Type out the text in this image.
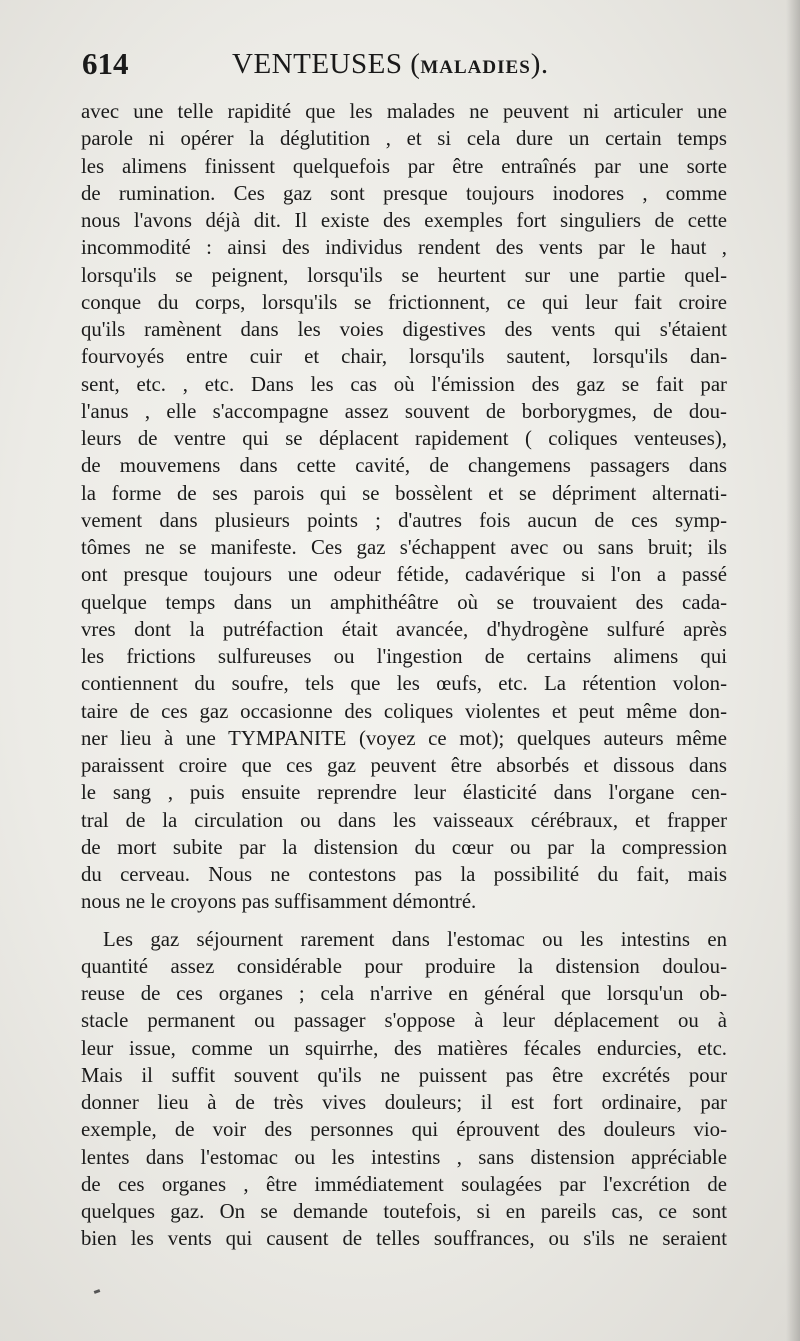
614	VENTEUSES (MALADIES).
avec une telle rapidité que les malades ne peuvent ni articuler une
parole ni opérer la déglutition , et si cela dure un certain temps
les alimens finissent quelquefois par être entraînés par une sorte
de rumination. Ces gaz sont presque toujours inodores , comme
nous l'avons déjà dit. Il existe des exemples fort singuliers de cette
incommodité : ainsi des individus rendent des vents par le haut ,
lorsqu'ils se peignent, lorsqu'ils se heurtent sur une partie quel-
conque du corps, lorsqu'ils se frictionnent, ce qui leur fait croire
qu'ils ramènent dans les voies digestives des vents qui s'étaient
fourvoyés entre cuir et chair, lorsqu'ils sautent, lorsqu'ils dan-
sent, etc. , etc. Dans les cas où l'émission des gaz se fait par
l'anus , elle s'accompagne assez souvent de borborygmes, de dou-
leurs de ventre qui se déplacent rapidement ( coliques venteuses),
de mouvemens dans cette cavité, de changemens passagers dans
la forme de ses parois qui se bossèlent et se dépriment alternati-
vement dans plusieurs points ; d'autres fois aucun de ces symp-
tômes ne se manifeste. Ces gaz s'échappent avec ou sans bruit; ils
ont presque toujours une odeur fétide, cadavérique si l'on a passé
quelque temps dans un amphithéâtre où se trouvaient des cada-
vres dont la putréfaction était avancée, d'hydrogène sulfuré après
les frictions sulfureuses ou l'ingestion de certains alimens qui
contiennent du soufre, tels que les œufs, etc. La rétention volon-
taire de ces gaz occasionne des coliques violentes et peut même don-
ner lieu à une TYMPANITE (voyez ce mot); quelques auteurs même
paraissent croire que ces gaz peuvent être absorbés et dissous dans
le sang , puis ensuite reprendre leur élasticité dans l'organe cen-
tral de la circulation ou dans les vaisseaux cérébraux, et frapper
de mort subite par la distension du cœur ou par la compression
du cerveau. Nous ne contestons pas la possibilité du fait, mais
nous ne le croyons pas suffisamment démontré.
Les gaz séjournent rarement dans l'estomac ou les intestins en
quantité assez considérable pour produire la distension doulou-
reuse de ces organes ; cela n'arrive en général que lorsqu'un ob-
stacle permanent ou passager s'oppose à leur déplacement ou à
leur issue, comme un squirrhe, des matières fécales endurcies, etc.
Mais il suffit souvent qu'ils ne puissent pas être excrétés pour
donner lieu à de très vives douleurs; il est fort ordinaire, par
exemple, de voir des personnes qui éprouvent des douleurs vio-
lentes dans l'estomac ou les intestins , sans distension appréciable
de ces organes , être immédiatement soulagées par l'excrétion de
quelques gaz. On se demande toutefois, si en pareils cas, ce sont
bien les vents qui causent de telles souffrances, ou s'ils ne seraient
